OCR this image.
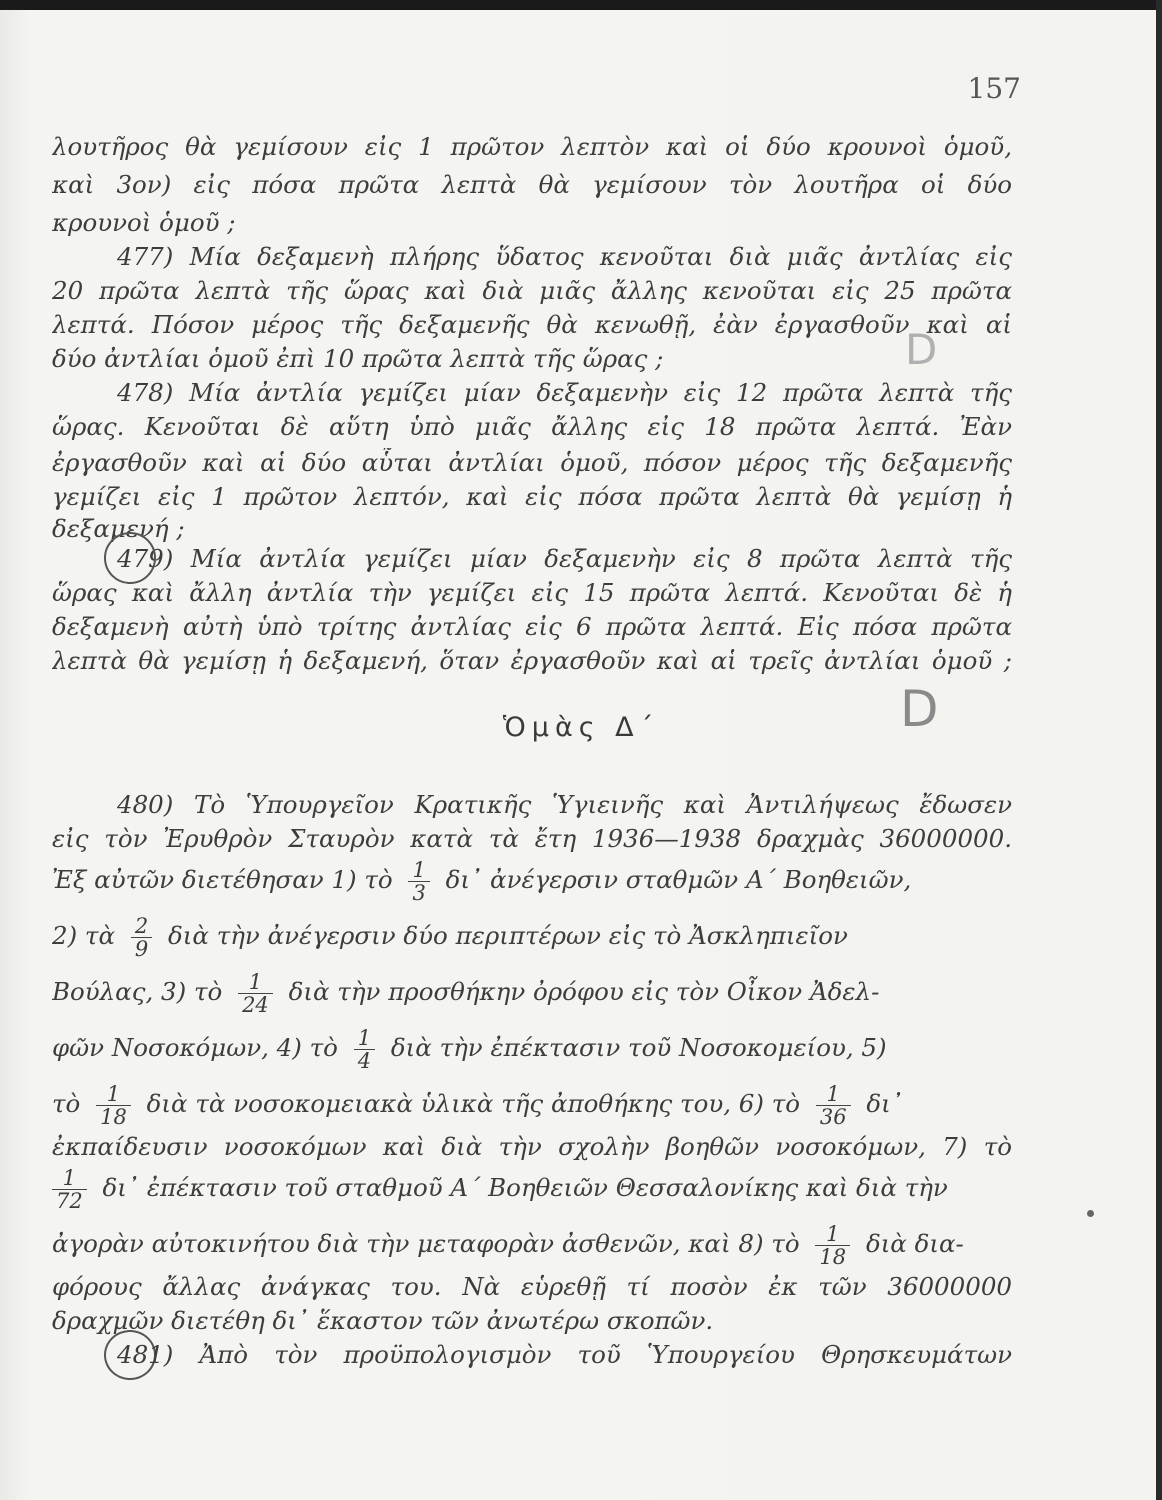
157
λουτῆρος θὰ γεμίσουν εἰς 1 πρῶτον λεπτὸν καὶ οἱ δύο κρουνοὶ ὁμοῦ,
καὶ 3ον) εἰς πόσα πρῶτα λεπτὰ θὰ γεμίσουν τὸν λουτῆρα οἱ δύο
κρουνοὶ ὁμοῦ ;
477) Μία δεξαμενὴ πλήρης ὕδατος κενοῦται διὰ μιᾶς ἀντλίας εἰς
20 πρῶτα λεπτὰ τῆς ὥρας καὶ διὰ μιᾶς ἄλλης κενοῦται εἰς 25 πρῶτα
λεπτά. Πόσον μέρος τῆς δεξαμενῆς θὰ κενωθῇ, ἐὰν ἐργασθοῦν καὶ αἱ
δύο ἀντλίαι ὁμοῦ ἐπὶ 10 πρῶτα λεπτὰ τῆς ὥρας ;
478) Μία ἀντλία γεμίζει μίαν δεξαμενὴν εἰς 12 πρῶτα λεπτὰ τῆς
ὥρας. Κενοῦται δὲ αὕτη ὑπὸ μιᾶς ἄλλης εἰς 18 πρῶτα λεπτά. Ἐὰν
ἐργασθοῦν καὶ αἱ δύο αὗται ἀντλίαι ὁμοῦ, πόσον μέρος τῆς δεξαμενῆς
γεμίζει εἰς 1 πρῶτον λεπτόν, καὶ εἰς πόσα πρῶτα λεπτὰ θὰ γεμίσῃ ἡ
δεξαμενή ;
479) Μία ἀντλία γεμίζει μίαν δεξαμενὴν εἰς 8 πρῶτα λεπτὰ τῆς
ὥρας καὶ ἄλλη ἀντλία τὴν γεμίζει εἰς 15 πρῶτα λεπτά. Κενοῦται δὲ ἡ
δεξαμενὴ αὐτὴ ὑπὸ τρίτης ἀντλίας εἰς 6 πρῶτα λεπτά. Εἰς πόσα πρῶτα
λεπτὰ θὰ γεμίσῃ ἡ δεξαμενή, ὅταν ἐργασθοῦν καὶ αἱ τρεῖς ἀντλίαι ὁμοῦ ;
D
D
Ὁμὰς Δ΄
480) Τὸ Ὑπουργεῖον Κρατικῆς Ὑγιεινῆς καὶ Ἀντιλήψεως ἔδωσεν
εἰς τὸν Ἐρυθρὸν Σταυρὸν κατὰ τὰ ἔτη 1936—1938 δραχμὰς 36000000.
Ἐξ αὐτῶν διετέθησαν 1) τὸ $\frac{1}{3}$ δι᾿ ἀνέγερσιν σταθμῶν Α΄ Βοηθειῶν,
2) τὰ $\frac{2}{9}$ διὰ τὴν ἀνέγερσιν δύο περιπτέρων εἰς τὸ Ἀσκληπιεῖον
Βούλας, 3) τὸ $\frac{1}{24}$ διὰ τὴν προσθήκην ὀρόφου εἰς τὸν Οἶκον Ἀδελ-
φῶν Νοσοκόμων, 4) τὸ $\frac{1}{4}$ διὰ τὴν ἐπέκτασιν τοῦ Νοσοκομείου, 5)
τὸ $\frac{1}{18}$ διὰ τὰ νοσοκομειακὰ ὑλικὰ τῆς ἀποθήκης του, 6) τὸ $\frac{1}{36}$ δι᾿
ἐκπαίδευσιν νοσοκόμων καὶ διὰ τὴν σχολὴν βοηθῶν νοσοκόμων, 7) τὸ
$\frac{1}{72}$ δι᾿ ἐπέκτασιν τοῦ σταθμοῦ Α΄ Βοηθειῶν Θεσσαλονίκης καὶ διὰ τὴν
ἀγορὰν αὐτοκινήτου διὰ τὴν μεταφορὰν ἀσθενῶν, καὶ 8) τὸ $\frac{1}{18}$ διὰ δια-
φόρους ἄλλας ἀνάγκας του. Νὰ εὑρεθῇ τί ποσὸν ἐκ τῶν 36000000
δραχμῶν διετέθη δι᾿ ἕκαστον τῶν ἀνωτέρω σκοπῶν.
481) Ἀπὸ τὸν προϋπολογισμὸν τοῦ Ὑπουργείου Θρησκευμάτων
